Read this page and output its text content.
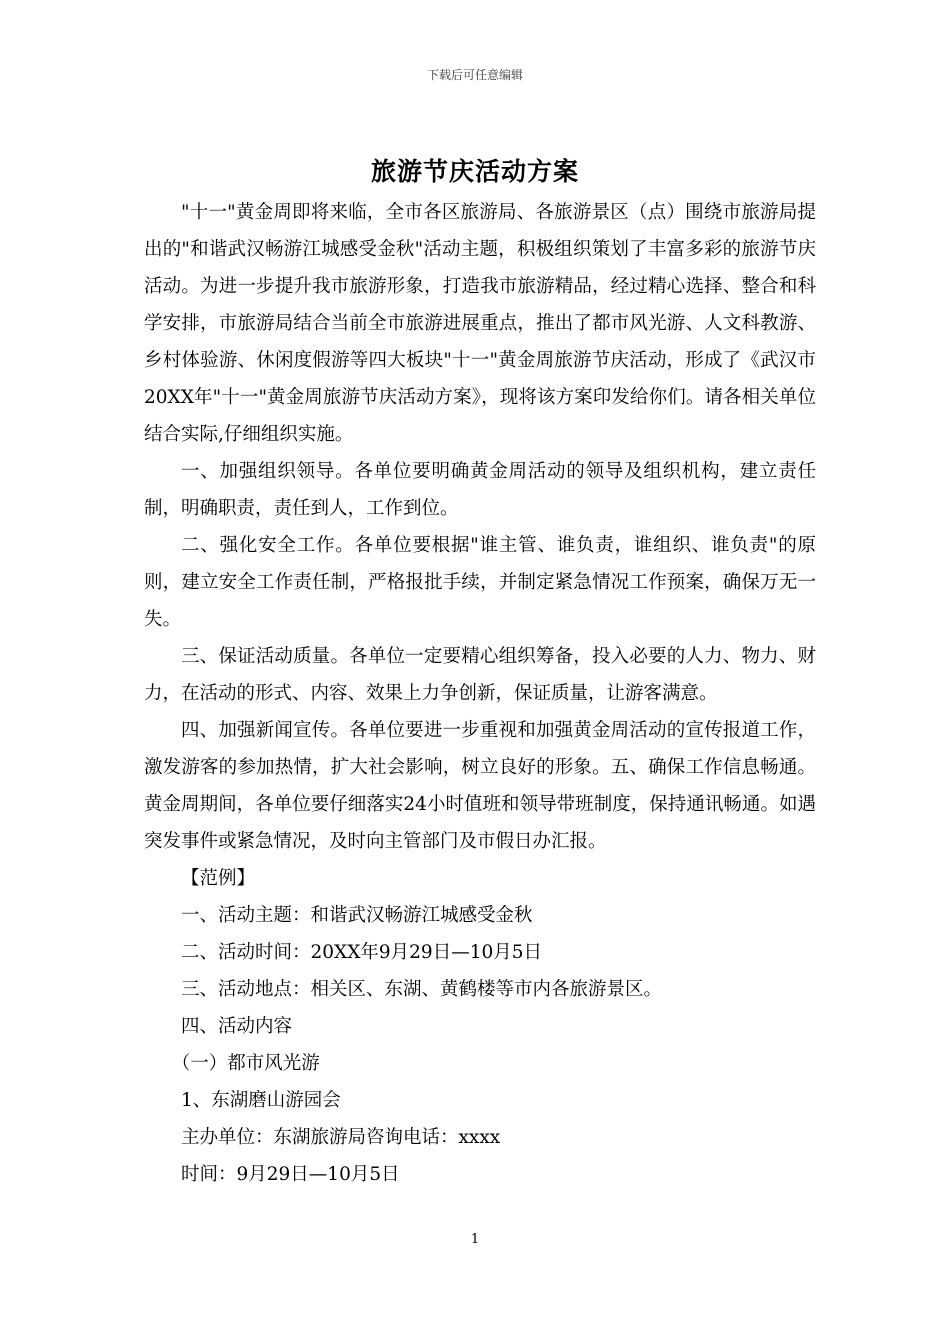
下载后可任意编辑
旅游节庆活动方案

"十一"黄金周即将来临，全市各区旅游局、各旅游景区（点）围绕市旅游局提出的"和谐武汉畅游江城感受金秋"活动主题，积极组织策划了丰富多彩的旅游节庆活动。为进一步提升我市旅游形象，打造我市旅游精品，经过精心选择、整合和科学安排，市旅游局结合当前全市旅游进展重点，推出了都市风光游、人文科教游、乡村体验游、休闲度假游等四大板块"十一"黄金周旅游节庆活动，形成了《武汉市20XX年"十一"黄金周旅游节庆活动方案》，现将该方案印发给你们。请各相关单位结合实际,仔细组织实施。

一、加强组织领导。各单位要明确黄金周活动的领导及组织机构，建立责任制，明确职责，责任到人，工作到位。

二、强化安全工作。各单位要根据"谁主管、谁负责，谁组织、谁负责"的原则，建立安全工作责任制，严格报批手续，并制定紧急情况工作预案，确保万无一失。

三、保证活动质量。各单位一定要精心组织筹备，投入必要的人力、物力、财力，在活动的形式、内容、效果上力争创新，保证质量，让游客满意。

四、加强新闻宣传。各单位要进一步重视和加强黄金周活动的宣传报道工作，激发游客的参加热情，扩大社会影响，树立良好的形象。五、确保工作信息畅通。黄金周期间，各单位要仔细落实24小时值班和领导带班制度，保持通讯畅通。如遇突发事件或紧急情况，及时向主管部门及市假日办汇报。

【范例】

一、活动主题：和谐武汉畅游江城感受金秋

二、活动时间：20XX年9月29日—10月5日

三、活动地点：相关区、东湖、黄鹤楼等市内各旅游景区。

四、活动内容

（一）都市风光游

1、东湖磨山游园会

主办单位：东湖旅游局咨询电话：xxxx

时间：9月29日—10月5日

1
